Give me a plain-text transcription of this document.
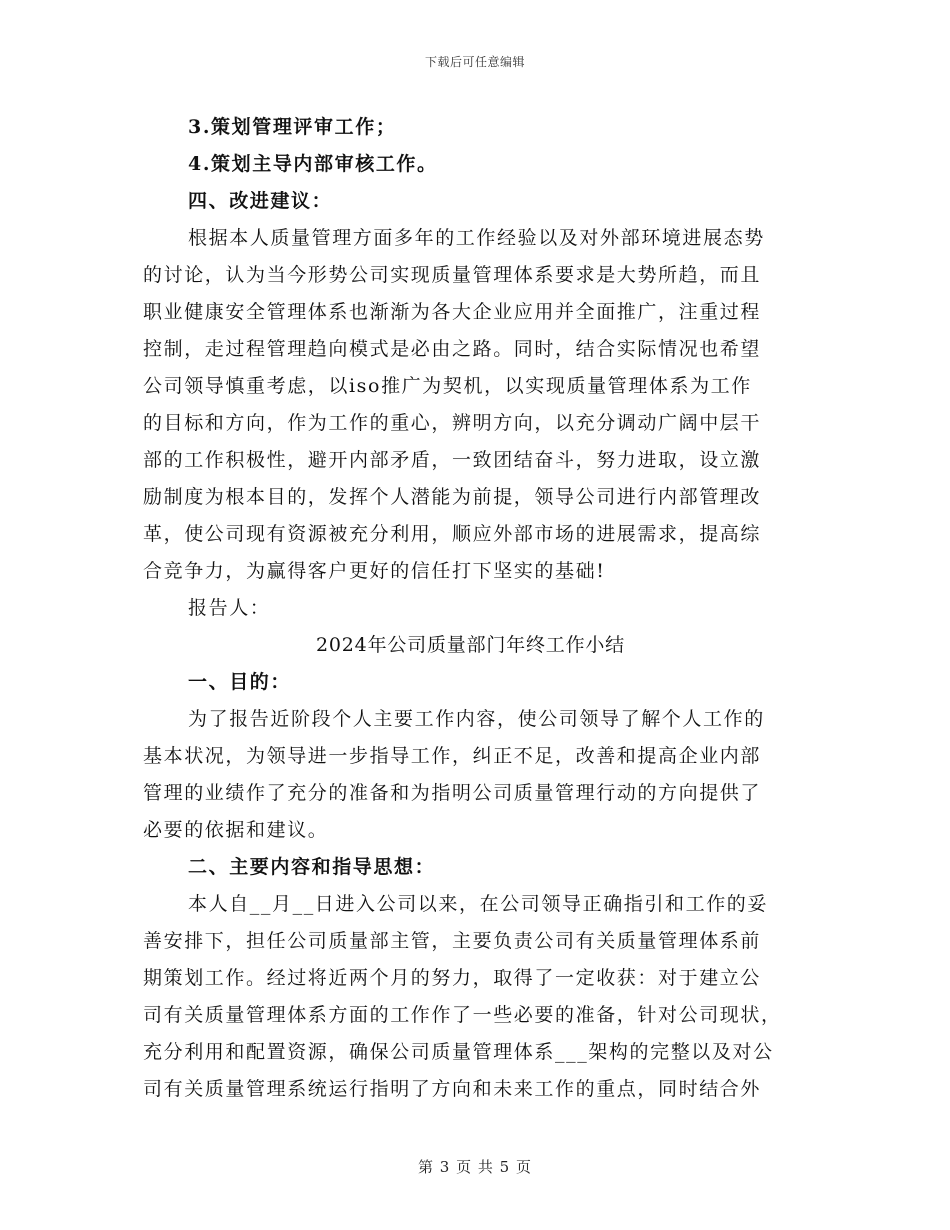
下载后可任意编辑
3.策划管理评审工作；
4.策划主导内部审核工作。
四、改进建议：
根据本人质量管理方面多年的工作经验以及对外部环境进展态势
的讨论，认为当今形势公司实现质量管理体系要求是大势所趋，而且
职业健康安全管理体系也渐渐为各大企业应用并全面推广，注重过程
控制，走过程管理趋向模式是必由之路。同时，结合实际情况也希望
公司领导慎重考虑，以iso推广为契机，以实现质量管理体系为工作
的目标和方向，作为工作的重心，辨明方向，以充分调动广阔中层干
部的工作积极性，避开内部矛盾，一致团结奋斗，努力进取，设立激
励制度为根本目的，发挥个人潜能为前提，领导公司进行内部管理改
革，使公司现有资源被充分利用，顺应外部市场的进展需求，提高综
合竞争力，为赢得客户更好的信任打下坚实的基础!
报告人：
2024年公司质量部门年终工作小结
一、目的：
为了报告近阶段个人主要工作内容，使公司领导了解个人工作的
基本状况，为领导进一步指导工作，纠正不足，改善和提高企业内部
管理的业绩作了充分的准备和为指明公司质量管理行动的方向提供了
必要的依据和建议。
二、主要内容和指导思想：
本人自__月__日进入公司以来，在公司领导正确指引和工作的妥
善安排下，担任公司质量部主管，主要负责公司有关质量管理体系前
期策划工作。经过将近两个月的努力，取得了一定收获：对于建立公
司有关质量管理体系方面的工作作了一些必要的准备，针对公司现状，
充分利用和配置资源，确保公司质量管理体系___架构的完整以及对公
司有关质量管理系统运行指明了方向和未来工作的重点，同时结合外
第 3 页 共 5 页
